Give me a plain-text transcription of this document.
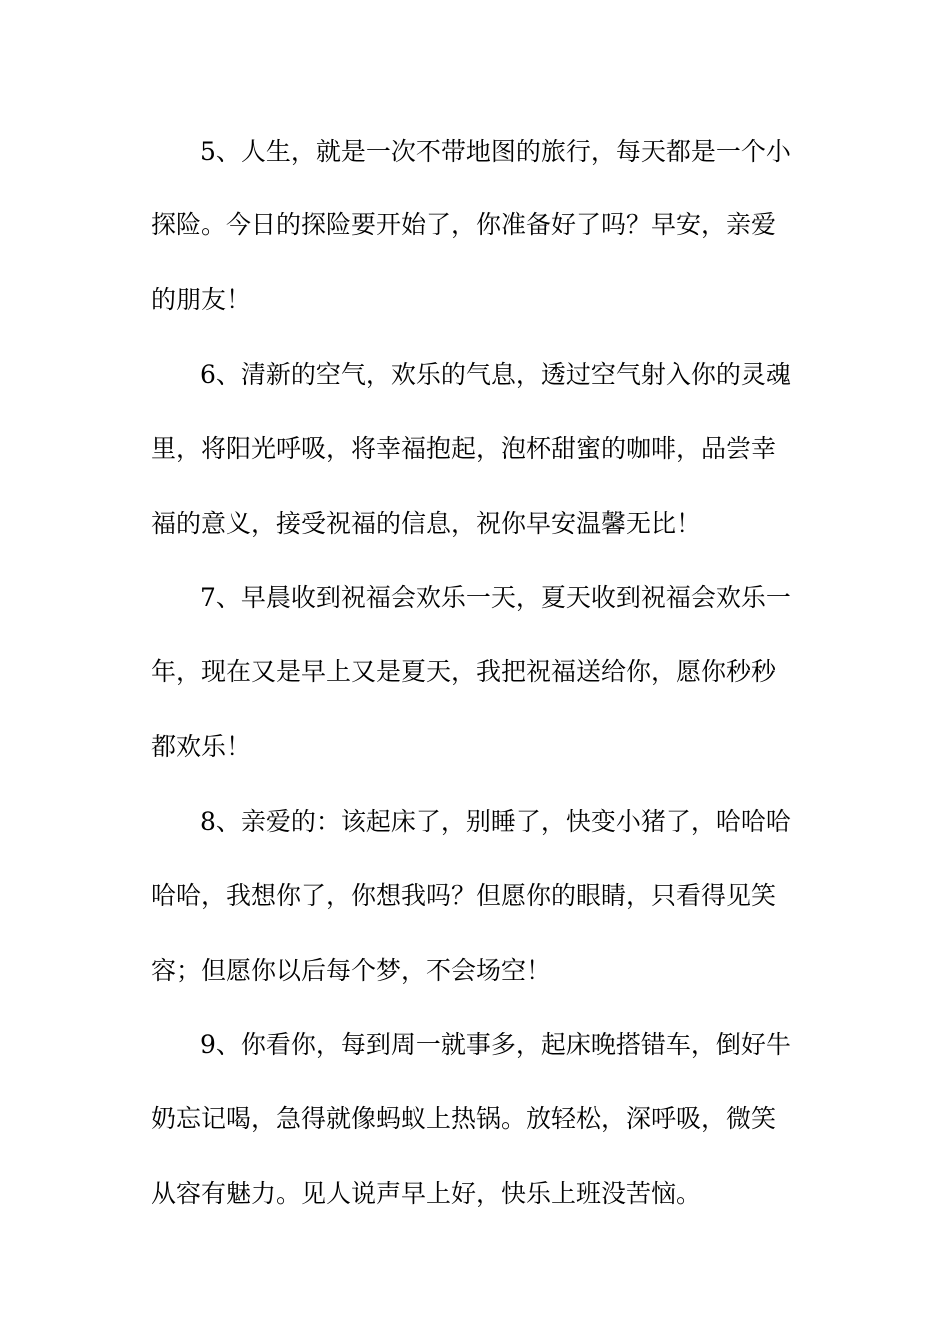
5、人生，就是一次不带地图的旅行，每天都是一个小
探险。今日的探险要开始了，你准备好了吗？早安，亲爱
的朋友！
6、清新的空气，欢乐的气息，透过空气射入你的灵魂
里，将阳光呼吸，将幸福抱起，泡杯甜蜜的咖啡，品尝幸
福的意义，接受祝福的信息，祝你早安温馨无比！
7、早晨收到祝福会欢乐一天，夏天收到祝福会欢乐一
年，现在又是早上又是夏天，我把祝福送给你，愿你秒秒
都欢乐！
8、亲爱的：该起床了，别睡了，快变小猪了，哈哈哈
哈哈，我想你了，你想我吗？但愿你的眼睛，只看得见笑
容；但愿你以后每个梦，不会场空！
9、你看你，每到周一就事多，起床晚搭错车，倒好牛
奶忘记喝，急得就像蚂蚁上热锅。放轻松，深呼吸，微笑
从容有魅力。见人说声早上好，快乐上班没苦恼。
